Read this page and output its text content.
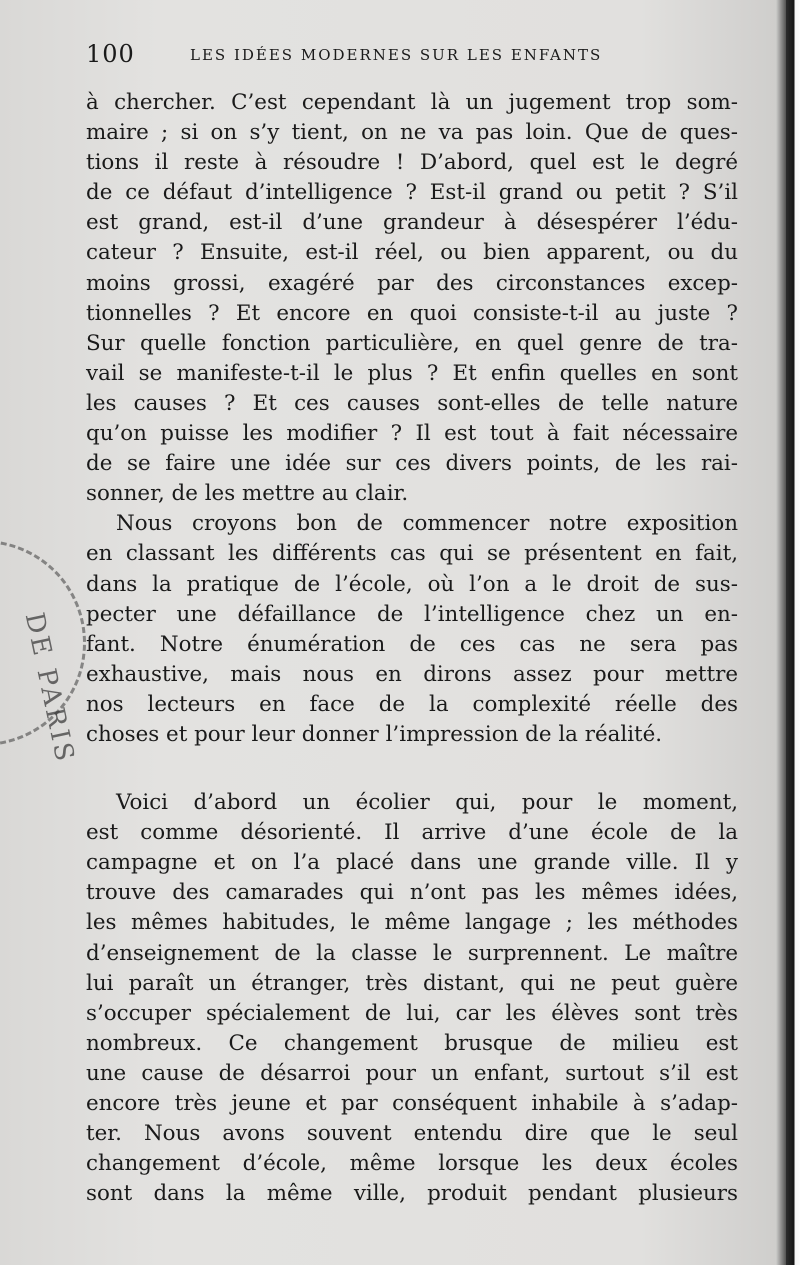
100	LES IDÉES MODERNES SUR LES ENFANTS
DE PARIS
à chercher. C’est cependant là un jugement trop som-
maire ; si on s’y tient, on ne va pas loin. Que de ques-
tions il reste à résoudre ! D’abord, quel est le degré
de ce défaut d’intelligence ? Est-il grand ou petit ? S’il
est grand, est-il d’une grandeur à désespérer l’édu-
cateur ? Ensuite, est-il réel, ou bien apparent, ou du
moins grossi, exagéré par des circonstances excep-
tionnelles ? Et encore en quoi consiste-t-il au juste ?
Sur quelle fonction particulière, en quel genre de tra-
vail se manifeste-t-il le plus ? Et enfin quelles en sont
les causes ? Et ces causes sont-elles de telle nature
qu’on puisse les modifier ? Il est tout à fait nécessaire
de se faire une idée sur ces divers points, de les rai-
sonner, de les mettre au clair.
Nous croyons bon de commencer notre exposition
en classant les différents cas qui se présentent en fait,
dans la pratique de l’école, où l’on a le droit de sus-
pecter une défaillance de l’intelligence chez un en-
fant. Notre énumération de ces cas ne sera pas
exhaustive, mais nous en dirons assez pour mettre
nos lecteurs en face de la complexité réelle des
choses et pour leur donner l’impression de la réalité.
Voici d’abord un écolier qui, pour le moment,
est comme désorienté. Il arrive d’une école de la
campagne et on l’a placé dans une grande ville. Il y
trouve des camarades qui n’ont pas les mêmes idées,
les mêmes habitudes, le même langage ; les méthodes
d’enseignement de la classe le surprennent. Le maître
lui paraît un étranger, très distant, qui ne peut guère
s’occuper spécialement de lui, car les élèves sont très
nombreux. Ce changement brusque de milieu est
une cause de désarroi pour un enfant, surtout s’il est
encore très jeune et par conséquent inhabile à s’adap-
ter. Nous avons souvent entendu dire que le seul
changement d’école, même lorsque les deux écoles
sont dans la même ville, produit pendant plusieurs
